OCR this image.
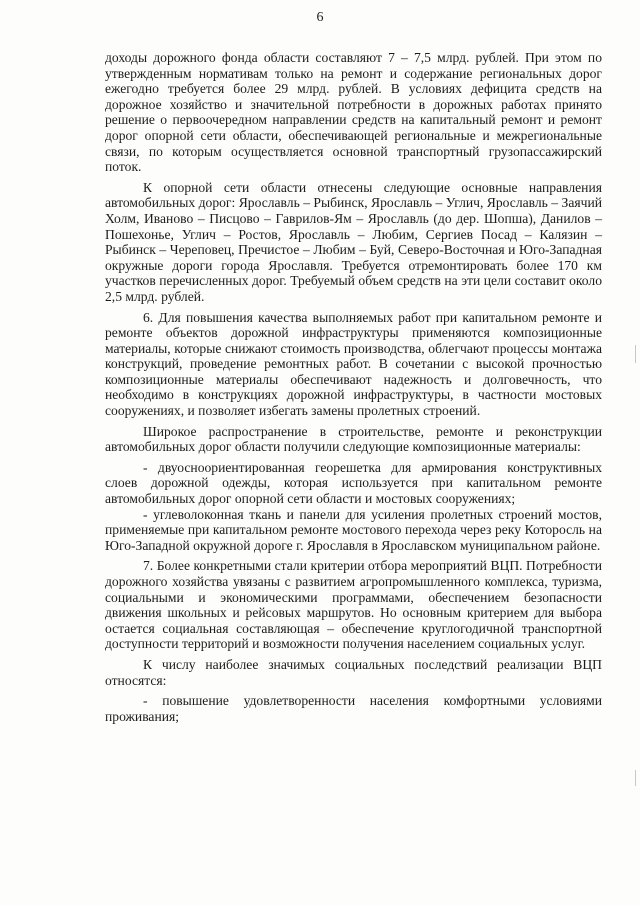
6

доходы дорожного фонда области составляют 7 – 7,5 млрд. рублей. При этом по утвержденным нормативам только на ремонт и содержание региональных дорог ежегодно требуется более 29 млрд. рублей. В условиях дефицита средств на дорожное хозяйство и значительной потребности в дорожных работах принято решение о первоочередном направлении средств на капитальный ремонт и ремонт дорог опорной сети области, обеспечивающей региональные и межрегиональные связи, по которым осуществляется основной транспортный грузопассажирский поток.

К опорной сети области отнесены следующие основные направления автомобильных дорог: Ярославль – Рыбинск, Ярославль – Углич, Ярославль – Заячий Холм, Иваново – Писцово – Гаврилов-Ям – Ярославль (до дер. Шопша), Данилов – Пошехонье, Углич – Ростов, Ярославль – Любим, Сергиев Посад – Калязин – Рыбинск – Череповец, Пречистое – Любим – Буй, Северо-Восточная и Юго-Западная окружные дороги города Ярославля. Требуется отремонтировать более 170 км участков перечисленных дорог. Требуемый объем средств на эти цели составит около 2,5 млрд. рублей.

6. Для повышения качества выполняемых работ при капитальном ремонте и ремонте объектов дорожной инфраструктуры применяются композиционные материалы, которые снижают стоимость производства, облегчают процессы монтажа конструкций, проведение ремонтных работ. В сочетании с высокой прочностью композиционные материалы обеспечивают надежность и долговечность, что необходимо в конструкциях дорожной инфраструктуры, в частности мостовых сооружениях, и позволяет избегать замены пролетных строений.

Широкое распространение в строительстве, ремонте и реконструкции автомобильных дорог области получили следующие композиционные материалы:

- двуосноориентированная георешетка для армирования конструктивных слоев дорожной одежды, которая используется при капитальном ремонте автомобильных дорог опорной сети области и мостовых сооружениях;

- углеволоконная ткань и панели для усиления пролетных строений мостов, применяемые при капитальном ремонте мостового перехода через реку Которосль на Юго-Западной окружной дороге г. Ярославля в Ярославском муниципальном районе.

7. Более конкретными стали критерии отбора мероприятий ВЦП. Потребности дорожного хозяйства увязаны с развитием агропромышленного комплекса, туризма, социальными и экономическими программами, обеспечением безопасности движения школьных и рейсовых маршрутов. Но основным критерием для выбора остается социальная составляющая – обеспечение круглогодичной транспортной доступности территорий и возможности получения населением социальных услуг.

К числу наиболее значимых социальных последствий реализации ВЦП относятся:

- повышение удовлетворенности населения комфортными условиями проживания;
